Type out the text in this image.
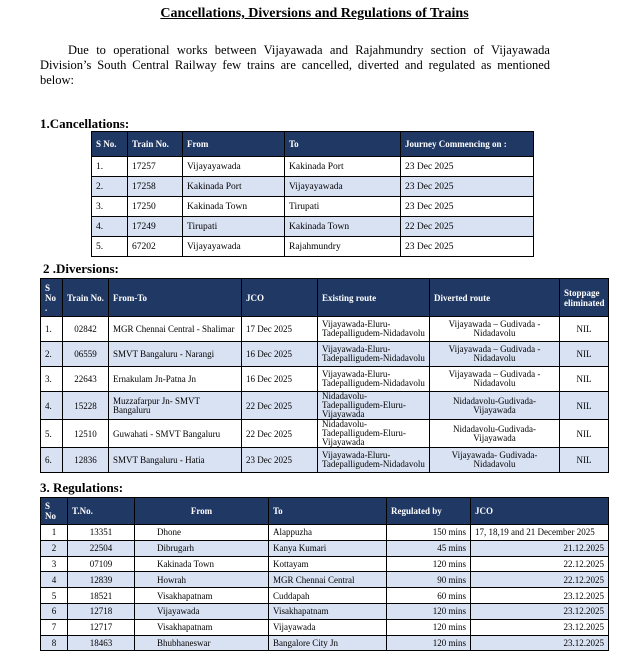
Cancellations, Diversions and Regulations of Trains
Due to operational works between Vijayawada and Rajahmundry section of Vijayawada Division’s South Central Railway few trains are cancelled, diverted and regulated as mentioned below:
1.Cancellations:
S No.	Train No.	From	To	Journey Commencing on :
1.	17257	Vijayayawada	Kakinada Port	23 Dec 2025
2.	17258	Kakinada Port	Vijayayawada	23 Dec 2025
3.	17250	Kakinada Town	Tirupati	23 Dec 2025
4.	17249	Tirupati	Kakinada Town	22 Dec 2025
5.	67202	Vijayayawada	Rajahmundry	23 Dec 2025
2 .Diversions:
S No .	Train No.	From-To	JCO	Existing route	Diverted route	Stoppage eliminated
1.	02842	MGR Chennai Central - Shalimar	17 Dec 2025	Vijayawada-Eluru-Tadepalligudem-Nidadavolu	Vijayawada – Gudivada - Nidadavolu	NIL
2.	06559	SMVT Bangaluru - Narangi	16 Dec 2025	Vijayawada-Eluru-Tadepalligudem-Nidadavolu	Vijayawada – Gudivada - Nidadavolu	NIL
3.	22643	Ernakulam Jn-Patna Jn	16 Dec 2025	Vijayawada-Eluru-Tadepalligudem-Nidadavolu	Vijayawada – Gudivada - Nidadavolu	NIL
4.	15228	Muzzafarpur Jn- SMVT Bangaluru	22 Dec 2025	Nidadavolu-Tadepalligudem-Eluru-Vijayawada	Nidadavolu-Gudivada-Vijayawada	NIL
5.	12510	Guwahati - SMVT Bangaluru	22 Dec 2025	Nidadavolu-Tadepalligudem-Eluru-Vijayawada	Nidadavolu-Gudivada-Vijayawada	NIL
6.	12836	SMVT Bangaluru - Hatia	23 Dec 2025	Vijayawada-Eluru-Tadepalligudem-Nidadavolu	Vijayawada- Gudivada- Nidadavolu	NIL
3. Regulations:
S No	T.No.	From	To	Regulated by	JCO
1	13351	Dhone	Alappuzha	150 mins	17, 18,19 and 21 December 2025
2	22504	Dibrugarh	Kanya Kumari	45 mins	21.12.2025
3	07109	Kakinada Town	Kottayam	120 mins	22.12.2025
4	12839	Howrah	MGR Chennai Central	90 mins	22.12.2025
5	18521	Visakhapatnam	Cuddapah	60 mins	23.12.2025
6	12718	Vijayawada	Visakhapatnam	120 mins	23.12.2025
7	12717	Visakhapatnam	Vijayawada	120 mins	23.12.2025
8	18463	Bhubhaneswar	Bangalore City Jn	120 mins	23.12.2025
